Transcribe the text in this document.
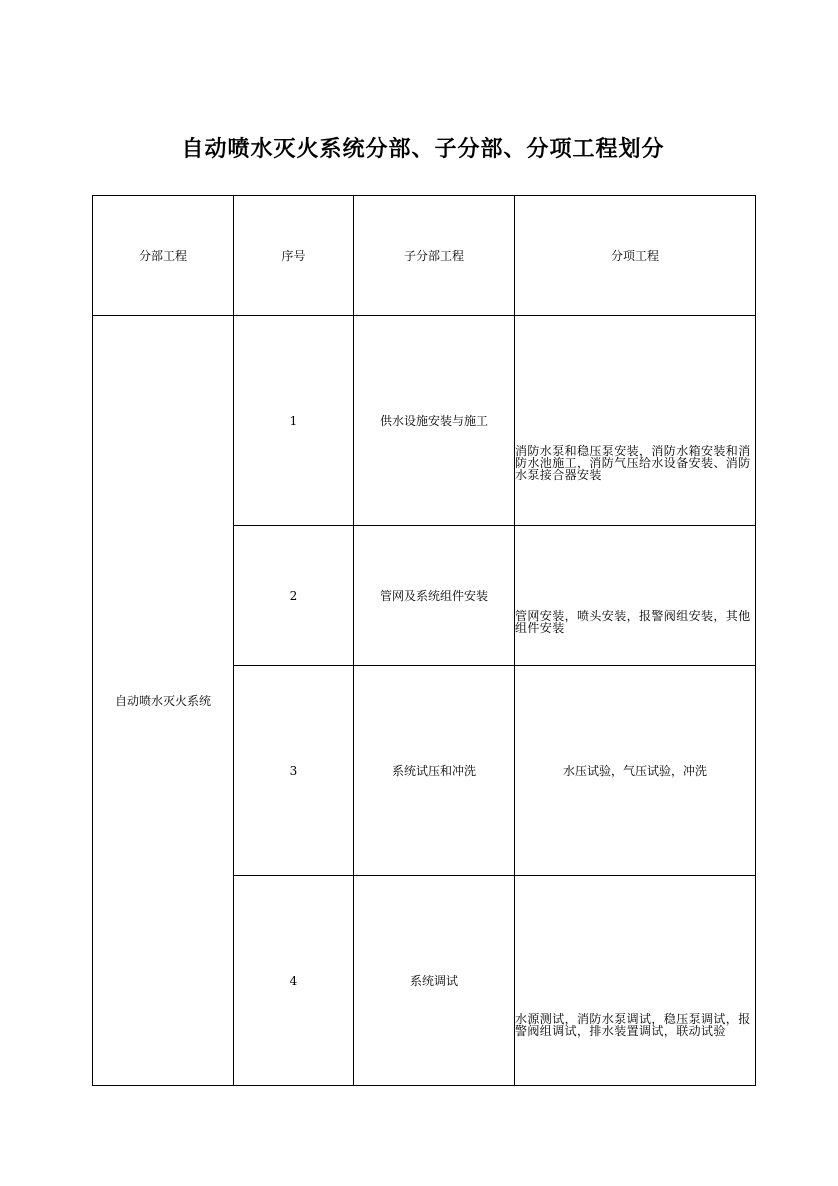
自动喷水灭火系统分部、子分部、分项工程划分
分部工程	序号	子分部工程	分项工程
自动喷水灭火系统	1	供水设施安装与施工	消防水泵和稳压泵安装，消防水箱安装和消防水池施工，消防气压给水设备安装、消防水泵接合器安装

	2	管网及系统组件安装	管网安装，喷头安装，报警阀组安装，其他组件安装

	3	系统试压和冲洗	水压试验，气压试验，冲洗
	4	系统调试	水源测试，消防水泵调试，稳压泵调试，报警阀组调试，排水装置调试，联动试验
